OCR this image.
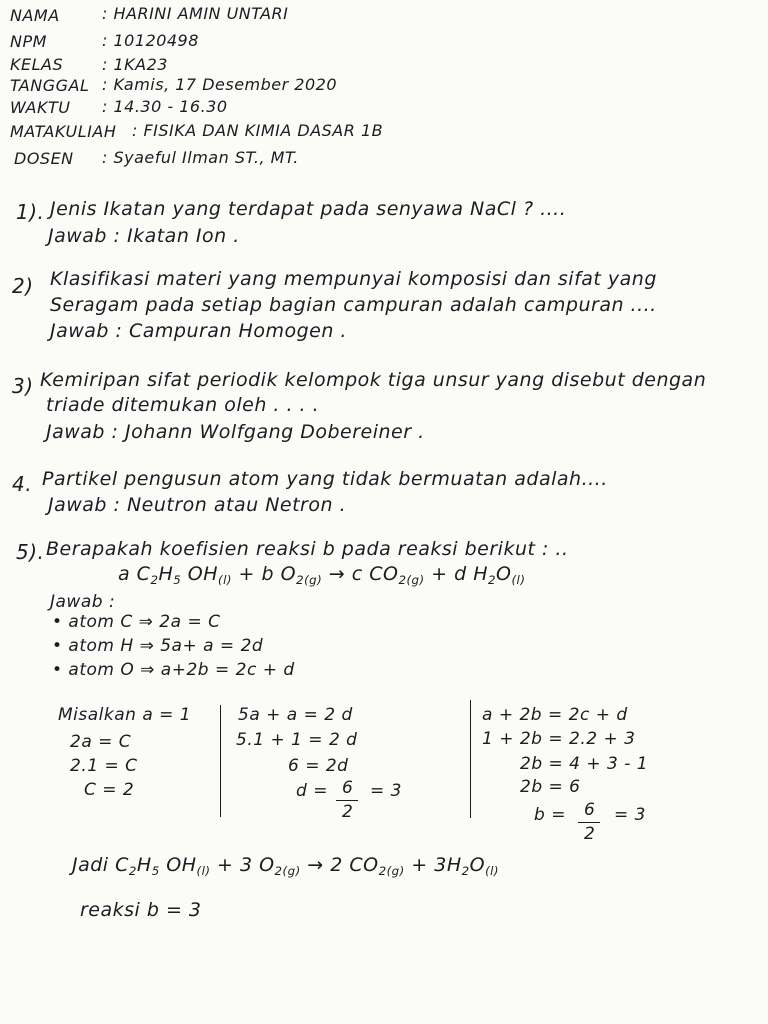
NAMA	: HARINI AMIN UNTARI
NPM	: 10120498
KELAS : 1KA23
TANGGAL : Kamis, 17 Desember 2020
WAKTU : 14.30 - 16.30
MATAKULIAH : FISIKA DAN KIMIA DASAR 1B
DOSEN : Syaeful Ilman ST., MT.
1). Jenis Ikatan yang terdapat pada senyawa NaCl ? ....
Jawab : Ikatan Ion .
2) Klasifikasi materi yang mempunyai komposisi dan sifat yang
Seragam pada setiap bagian campuran adalah campuran ....
Jawab : Campuran Homogen .
3) Kemiripan sifat periodik kelompok tiga unsur yang disebut dengan
triade ditemukan oleh . . . .
Jawab : Johann Wolfgang Dobereiner .
4. Partikel pengusun atom yang tidak bermuatan adalah....
Jawab : Neutron atau Netron .
5). Berapakah koefisien reaksi b pada reaksi berikut : ..
a $C_2H_5$ $OH_{(l)} + b$ $O_{2(g)} \to c$ $CO_{2(g)} + d$ $H_2O_{(l)}$
Jawab :
• atom C ⇒ 2a = C
• atom H ⇒ 5a+ a = 2d
• atom O ⇒ a+2b = 2c + d
Misalkan a = 1
2a = C
2.1 = C
C = 2
5a + a = 2 d
5.1 + 1 = 2 d
6 = 2d
d = 6
2
= 3
a + 2b = 2c + d
1 + 2b = 2.2 + 3
2b = 4 + 3 - 1
2b = 6
b = 6
2
= 3
Jadi $C_2H_5$ $OH_{(l)} + 3$ $O_{2(g)} \to 2$ $CO_{2(g)} + 3H_2O_{(l)}$
reaksi b = 3
